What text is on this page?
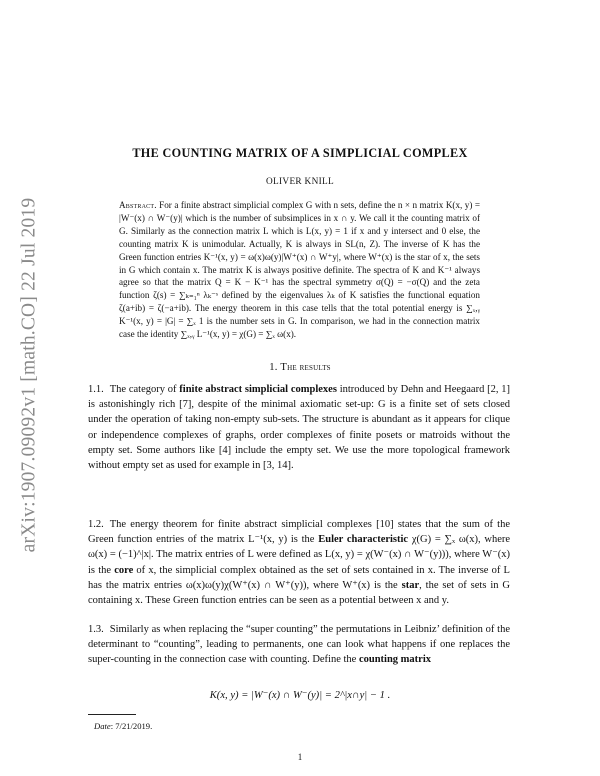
arXiv:1907.09092v1 [math.CO] 22 Jul 2019
THE COUNTING MATRIX OF A SIMPLICIAL COMPLEX
OLIVER KNILL

Abstract. For a finite abstract simplicial complex G with n sets, define the n × n matrix K(x, y) = |W⁻(x) ∩ W⁻(y)| which is the number of subsimplices in x ∩ y. We call it the counting matrix of G. Similarly as the connection matrix L which is L(x, y) = 1 if x and y intersect and 0 else, the counting matrix K is unimodular. Actually, K is always in SL(n, Z). The inverse of K has the Green function entries K⁻¹(x, y) = ω(x)ω(y)|W⁺(x) ∩ W⁺y|, where W⁺(x) is the star of x, the sets in G which contain x. The matrix K is always positive definite. The spectra of K and K⁻¹ always agree so that the matrix Q = K − K⁻¹ has the spectral symmetry σ(Q) = −σ(Q) and the zeta function ζ(s) = ∑ₖ₌₁ⁿ λₖ⁻ˢ defined by the eigenvalues λₖ of K satisfies the functional equation ζ(a+ib) = ζ(−a+ib). The energy theorem in this case tells that the total potential energy is ∑ₓ,ᵧ K⁻¹(x, y) = |G| = ∑ₓ 1 is the number sets in G. In comparison, we had in the connection matrix case the identity ∑ₓ,ᵧ L⁻¹(x, y) = χ(G) = ∑ₓ ω(x).

1. The results

1.1. The category of finite abstract simplicial complexes introduced by Dehn and Heegaard [2, 1] is astonishingly rich [7], despite of the minimal axiomatic set-up: G is a finite set of sets closed under the operation of taking non-empty sub-sets. The structure is abundant as it appears for clique or independence complexes of graphs, order complexes of finite posets or matroids without the empty set. Some authors like [4] include the empty set. We use the more topological framework without empty set as used for example in [3, 14].

1.2. The energy theorem for finite abstract simplicial complexes [10] states that the sum of the Green function entries of the matrix L⁻¹(x, y) is the Euler characteristic χ(G) = ∑ₓ ω(x), where ω(x) = (−1)^|x|. The matrix entries of L were defined as L(x, y) = χ(W⁻(x) ∩ W⁻(y))), where W⁻(x) is the core of x, the simplicial complex obtained as the set of sets contained in x. The inverse of L has the matrix entries ω(x)ω(y)χ(W⁺(x) ∩ W⁺(y)), where W⁺(x) is the star, the set of sets in G containing x. These Green function entries can be seen as a potential between x and y.

1.3. Similarly as when replacing the “super counting” the permutations in Leibniz’ definition of the determinant to “counting”, leading to permanents, one can look what happens if one replaces the super-counting in the connection case with counting. Define the counting matrix

K(x, y) = |W⁻(x) ∩ W⁻(y)| = 2^|x∩y| − 1 .
Date: 7/21/2019.
1
